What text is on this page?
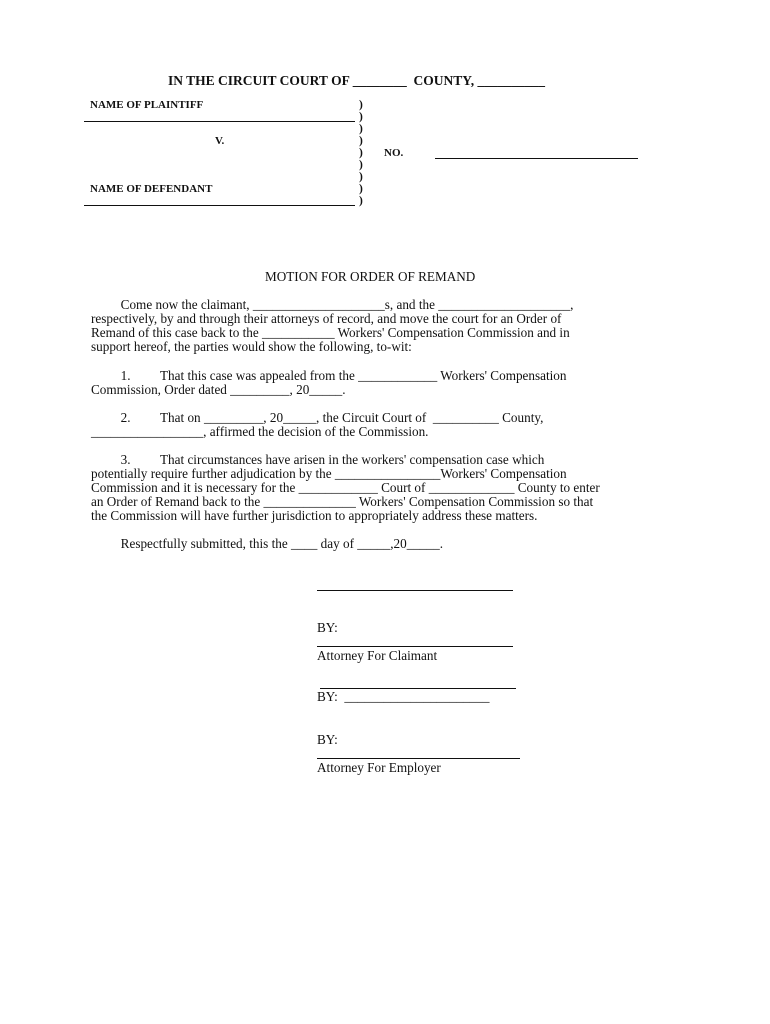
IN THE CIRCUIT COURT OF ________  COUNTY, __________
NAME OF PLAINTIFF
V.
NAME OF DEFENDANT
)
)
)
)
)
)
)
)
)
NO.
MOTION FOR ORDER OF REMAND
Come now the claimant, ____________________s, and the ____________________,
respectively, by and through their attorneys of record, and move the court for an Order of
Remand of this case back to the ___________ Workers' Compensation Commission and in
support hereof, the parties would show the following, to-wit:
1.         That this case was appealed from the ____________ Workers' Compensation
Commission, Order dated _________, 20_____.
2.         That on _________, 20_____, the Circuit Court of  __________ County,
_________________, affirmed the decision of the Commission.
3.         That circumstances have arisen in the workers' compensation case which
potentially require further adjudication by the ________________Workers' Compensation
Commission and it is necessary for the ____________ Court of _____________ County to enter
an Order of Remand back to the ______________ Workers' Compensation Commission so that
the Commission will have further jurisdiction to appropriately address these matters.
Respectfully submitted, this the ____ day of _____,20_____.
BY:
Attorney For Claimant
BY:  ______________________
BY:
Attorney For Employer
